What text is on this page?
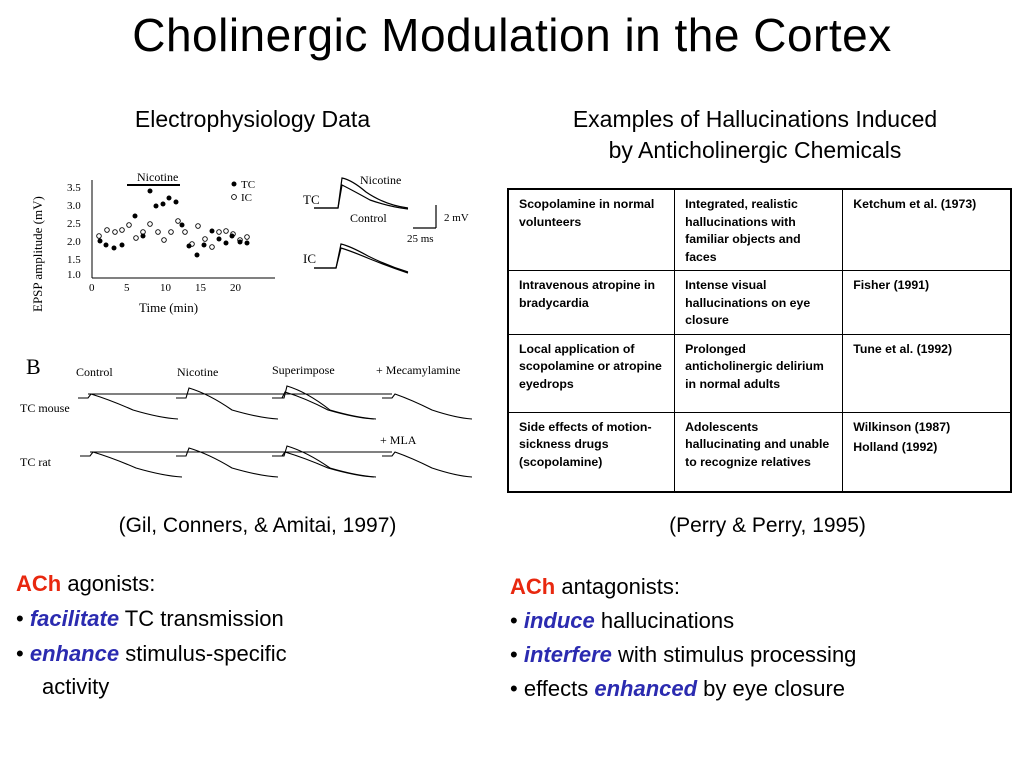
Cholinergic Modulation in the Cortex
Electrophysiology Data	Examples of Hallucinations Induced
by Anticholinergic Chemicals
EPSP amplitude (mV)
3.5
3.0
2.5
2.0
1.5
1.0
0	5	10 15 20
Nicotine
TC
IC
Time (min)
TC
IC
Nicotine
Control	2 mV
25 ms
B	Control	Nicotine	Superimpose	+ Mecamylamine
TC mouse
TC rat
+ MLA
(Gil, Conners, & Amitai, 1997)
Scopolamine in normal volunteers	Integrated, realistic hallucinations with familiar objects and faces	Ketchum et al. (1973)

Intravenous atropine in bradycardia	Intense visual hallucinations on eye closure	Fisher (1991)

Local application of scopolamine or atropine eyedrops	Prolonged anticholinergic delirium in normal adults	Tune et al. (1992)

Side effects of motion-sickness drugs (scopolamine)	Adolescents hallucinating and unable to recognize relatives	Wilkinson (1987)
Holland (1992)
(Perry & Perry, 1995)
ACh agonists:
• facilitate TC transmission
• enhance stimulus-specific
activity
ACh antagonists:
• induce hallucinations
• interfere with stimulus processing
• effects enhanced by eye closure
